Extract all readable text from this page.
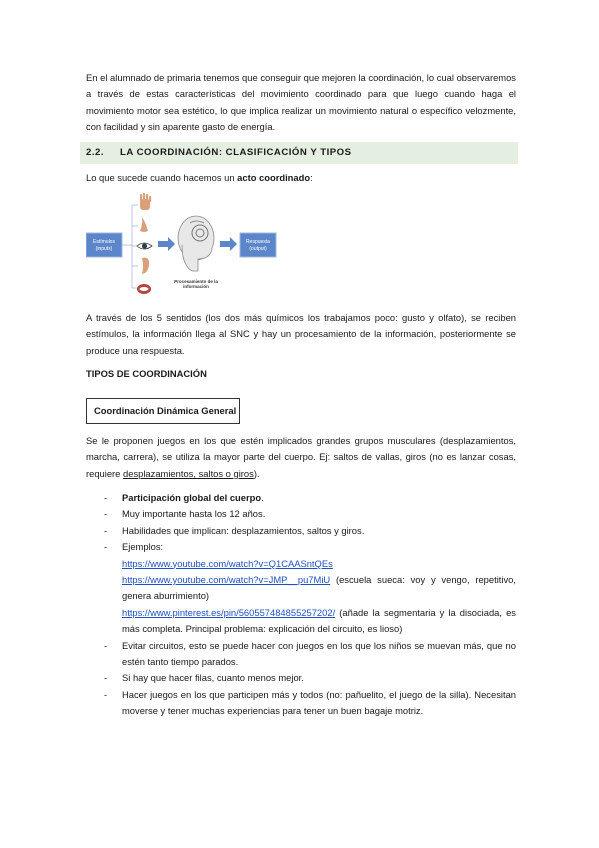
En el alumnado de primaria tenemos que conseguir que mejoren la coordinación, lo cual observaremos a través de estas características del movimiento coordinado para que luego cuando haga el movimiento motor sea estético, lo que implica realizar un movimiento natural o específico velozmente, con facilidad y sin aparente gasto de energía.
2.2. LA COORDINACIÓN: CLASIFICACIÓN Y TIPOS
Lo que sucede cuando hacemos un acto coordinado:
Estímulos
(inputs)
Procesamiento de la
información
Respuesta
(output)
A través de los 5 sentidos (los dos más químicos los trabajamos poco: gusto y olfato), se reciben estímulos, la información llega al SNC y hay un procesamiento de la información, posteriormente se produce una respuesta.
TIPOS DE COORDINACIÓN
Coordinación Dinámica General
Se le proponen juegos en los que estén implicados grandes grupos musculares (desplazamientos, marcha, carrera), se utiliza la mayor parte del cuerpo. Ej: saltos de vallas, giros (no es lanzar cosas, requiere desplazamientos, saltos o giros).
- Participación global del cuerpo.
- Muy importante hasta los 12 años.
- Habilidades que implican: desplazamientos, saltos y giros.
- Ejemplos:
https://www.youtube.com/watch?v=Q1CAASntQEs
https://www.youtube.com/watch?v=JMP__pu7MiU (escuela sueca: voy y vengo, repetitivo, genera aburrimiento)
https://www.pinterest.es/pin/560557484855257202/ (añade la segmentaria y la disociada, es más completa. Principal problema: explicación del circuito, es lioso)
- Evitar circuitos, esto se puede hacer con juegos en los que los niños se muevan más, que no estén tanto tiempo parados.
- Si hay que hacer filas, cuanto menos mejor.
- Hacer juegos en los que participen más y todos (no: pañuelito, el juego de la silla). Necesitan moverse y tener muchas experiencias para tener un buen bagaje motriz.
